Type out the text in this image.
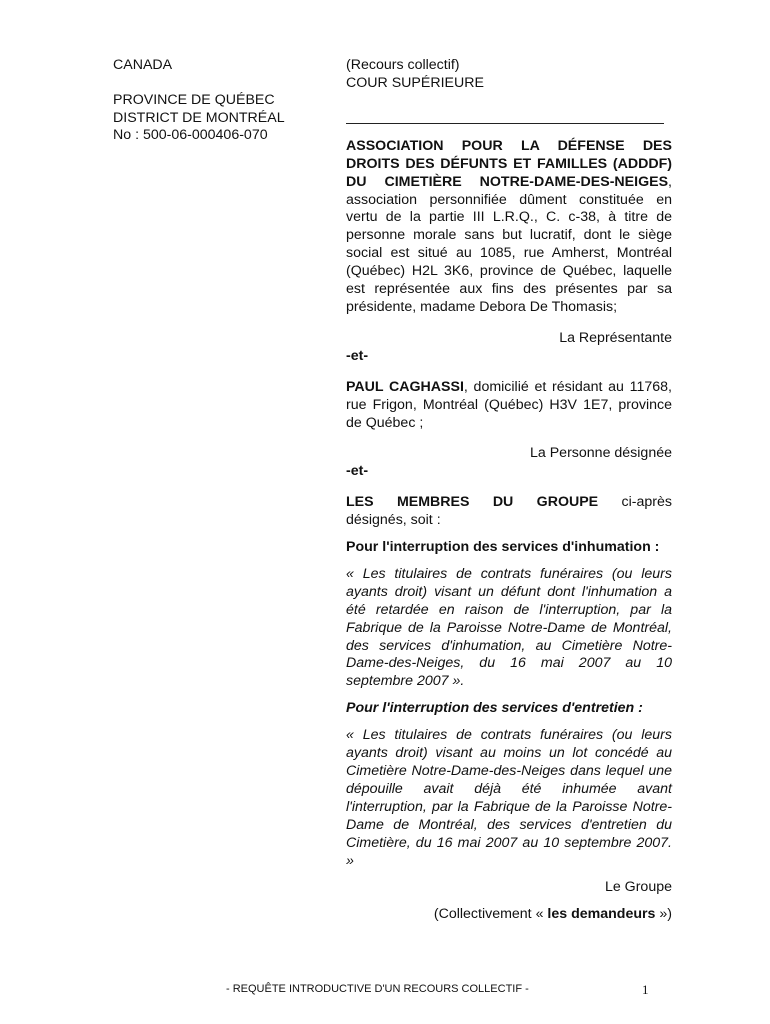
CANADA
PROVINCE DE QUÉBEC
DISTRICT DE MONTRÉAL
No : 500-06-000406-070
(Recours collectif)
COUR SUPÉRIEURE

ASSOCIATION POUR LA DÉFENSE DES DROITS DES DÉFUNTS ET FAMILLES (ADDDF) DU CIMETIÈRE NOTRE-DAME-DES-NEIGES, association personnifiée dûment constituée en vertu de la partie III L.R.Q., C. c-38, à titre de personne morale sans but lucratif, dont le siège social est situé au 1085, rue Amherst, Montréal (Québec) H2L 3K6, province de Québec, laquelle est représentée aux fins des présentes par sa présidente, madame Debora De Thomasis;

La Représentante
-et-

PAUL CAGHASSI, domicilié et résidant au 11768, rue Frigon, Montréal (Québec) H3V 1E7, province de Québec ;

La Personne désignée
-et-
LES MEMBRES DU GROUPE ci-après
désignés, soit :
Pour l'interruption des services d'inhumation :

« Les titulaires de contrats funéraires (ou leurs ayants droit) visant un défunt dont l'inhumation a été retardée en raison de l'interruption, par la Fabrique de la Paroisse Notre-Dame de Montréal, des services d'inhumation, au Cimetière Notre-Dame-des-Neiges, du 16 mai 2007 au 10 septembre 2007 ».

Pour l'interruption des services d'entretien :

« Les titulaires de contrats funéraires (ou leurs ayants droit) visant au moins un lot concédé au Cimetière Notre-Dame-des-Neiges dans lequel une dépouille avait déjà été inhumée avant l'interruption, par la Fabrique de la Paroisse Notre-Dame de Montréal, des services d'entretien du Cimetière, du 16 mai 2007 au 10 septembre 2007. »

Le Groupe
(Collectivement « les demandeurs »)
- REQUÊTE INTRODUCTIVE D'UN RECOURS COLLECTIF -	1
